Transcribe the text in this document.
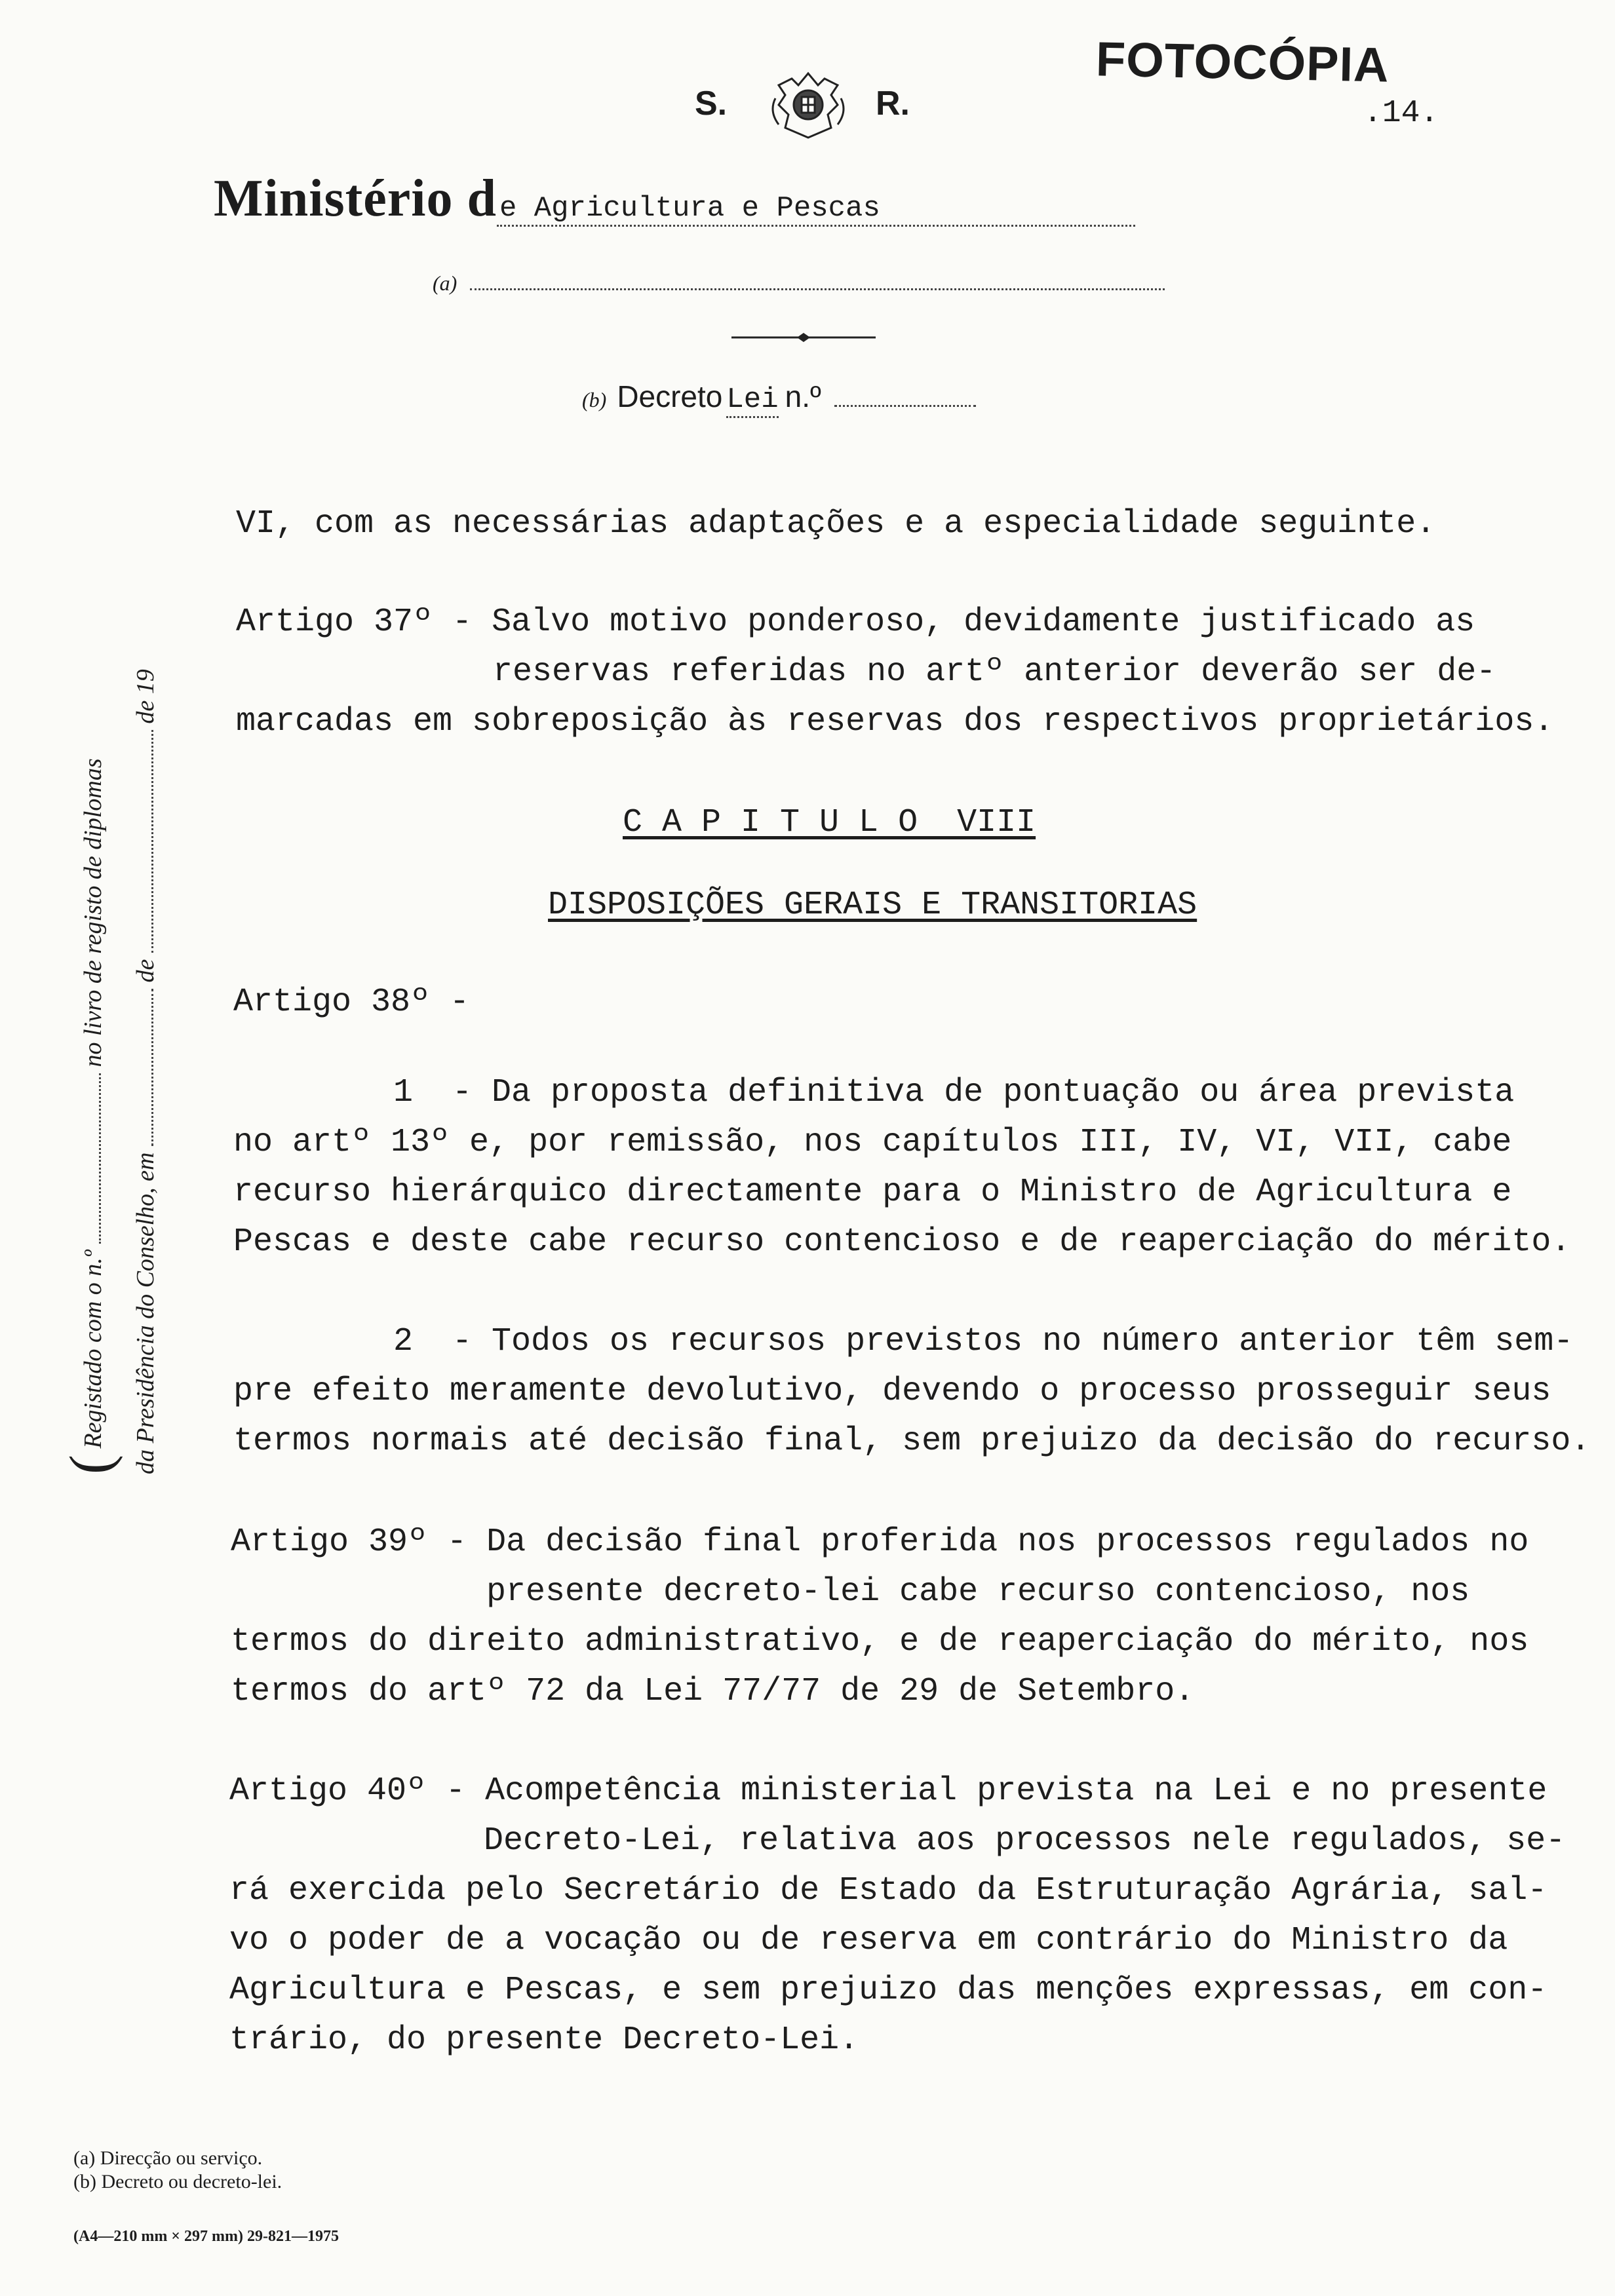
FOTOCÓPIA
.14.
S.	R.
Ministério d e Agricultura e Pescas
(a)
(b) Decreto Lei n.º
( Registado com o n.º  no livro de registo de diplomas
da Presidência do Conselho, em  de  de 19
VI, com as necessárias adaptações e a especialidade seguinte.
Artigo 37º - Salvo motivo ponderoso, devidamente justificado as
reservas referidas no artº anterior deverão ser de-
marcadas em sobreposição às reservas dos respectivos proprietários.
C A P I T U L O  VIII
DISPOSIÇÕES GERAIS E TRANSITORIAS
Artigo 38º -
1  - Da proposta definitiva de pontuação ou área prevista
no artº 13º e, por remissão, nos capítulos III, IV, VI, VII, cabe
recurso hierárquico directamente para o Ministro de Agricultura e
Pescas e deste cabe recurso contencioso e de reaperciação do mérito.
2  - Todos os recursos previstos no número anterior têm sem-
pre efeito meramente devolutivo, devendo o processo prosseguir seus
termos normais até decisão final, sem prejuizo da decisão do recurso.
Artigo 39º - Da decisão final proferida nos processos regulados no
presente decreto-lei cabe recurso contencioso, nos
termos do direito administrativo, e de reaperciação do mérito, nos
termos do artº 72 da Lei 77/77 de 29 de Setembro.
Artigo 40º - Acompetência ministerial prevista na Lei e no presente
Decreto-Lei, relativa aos processos nele regulados, se-
rá exercida pelo Secretário de Estado da Estruturação Agrária, sal-
vo o poder de a vocação ou de reserva em contrário do Ministro da
Agricultura e Pescas, e sem prejuizo das menções expressas, em con-
trário, do presente Decreto-Lei.
(a) Direcção ou serviço.
(b) Decreto ou decreto-lei.
(A4—210 mm × 297 mm) 29-821—1975
